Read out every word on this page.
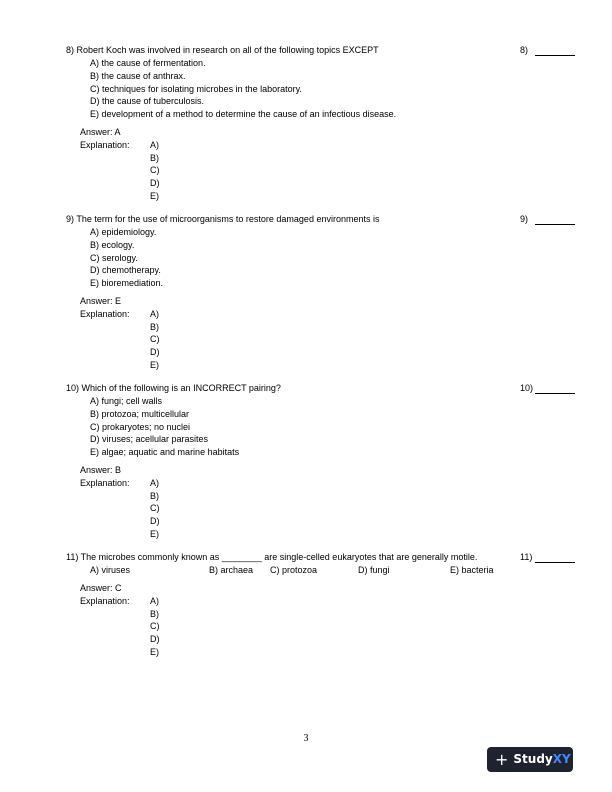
8) Robert Koch was involved in research on all of the following topics EXCEPT	8)
A) the cause of fermentation.
B) the cause of anthrax.
C) techniques for isolating microbes in the laboratory.
D) the cause of tuberculosis.
E) development of a method to determine the cause of an infectious disease.
Answer: A
Explanation: A)
B)
C)
D)
E)
9) The term for the use of microorganisms to restore damaged environments is	9)
A) epidemiology.
B) ecology.
C) serology.
D) chemotherapy.
E) bioremediation.
Answer: E
Explanation: A)
B)
C)
D)
E)
10) Which of the following is an INCORRECT pairing?	10)
A) fungi; cell walls
B) protozoa; multicellular
C) prokaryotes; no nuclei
D) viruses; acellular parasites
E) algae; aquatic and marine habitats
Answer: B
Explanation: A)
B)
C)
D)
E)
11) The microbes commonly known as ________ are single-celled eukaryotes that are generally motile.	11)
A) viruses	B) archaea C) protozoa	D) fungi	E) bacteria
Answer: C
Explanation: A)
B)
C)
D)
E)
3
+ Study XY
